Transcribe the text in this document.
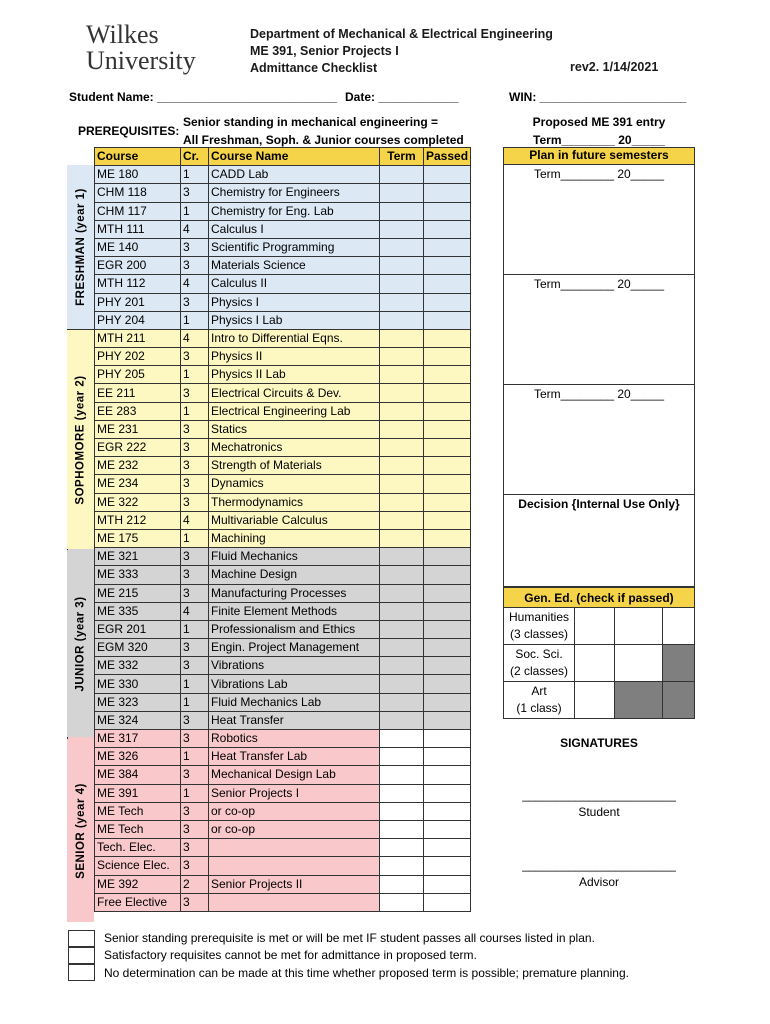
Wilkes
University
Department of Mechanical & Electrical Engineering
ME 391, Senior Projects I
Admittance Checklist	rev2. 1/14/2021
Student Name: ___________________________ Date: ____________	WIN: ______________________
PREREQUISITES:
Senior standing in mechanical engineering =
All Freshman, Soph. & Junior courses completed
	Course	Cr.	Course Name	Term	Passed
	ME 180	1	CADD Lab		
	CHM 118	3	Chemistry for Engineers		
	CHM 117	1	Chemistry for Eng. Lab		
	MTH 111	4	Calculus I		
	ME 140	3	Scientific Programming		
	EGR 200	3	Materials Science		
	MTH 112	4	Calculus II		
	PHY 201	3	Physics I		
	PHY 204	1	Physics I Lab		
	MTH 211	4	Intro to Differential Eqns.		
	PHY 202	3	Physics II		
	PHY 205	1	Physics II Lab		
	EE 211	3	Electrical Circuits & Dev.		
	EE 283	1	Electrical Engineering Lab		
	ME 231	3	Statics		
	EGR 222	3	Mechatronics		
	ME 232	3	Strength of Materials		
	ME 234	3	Dynamics		
	ME 322	3	Thermodynamics		
	MTH 212	4	Multivariable Calculus		
	ME 175	1	Machining		
	ME 321	3	Fluid Mechanics		
	ME 333	3	Machine Design		
	ME 215	3	Manufacturing Processes		
	ME 335	4	Finite Element Methods		
	EGR 201	1	Professionalism and Ethics		
	EGM 320	3	Engin. Project Management		
	ME 332	3	Vibrations		
	ME 330	1	Vibrations Lab		
	ME 323	1	Fluid Mechanics Lab		
	ME 324	3	Heat Transfer		
	ME 317	3	Robotics		
	ME 326	1	Heat Transfer Lab		
	ME 384	3	Mechanical Design Lab		
	ME 391	1	Senior Projects I		
	ME Tech	3	or co-op		
	ME Tech	3	or co-op		
	Tech. Elec.	3			
	Science Elec.	3			
	ME 392	2	Senior Projects II		
	Free Elective	3			
FRESHMAN (year 1)
SOPHOMORE (year 2)
JUNIOR (year 3)
SENIOR (year 4)
Proposed ME 391 entry
Term________ 20_____
Plan in future semesters
Term________ 20_____
Term________ 20_____
Term________ 20_____
Decision {Internal Use Only}
Gen. Ed. (check if passed)			

Humanities
(3 classes)			

Soc. Sci.
(2 classes)			

Art
(1 class)			

SIGNATURES
_______________________
Student
_______________________
Advisor
Senior standing prerequisite is met or will be met IF student passes all courses listed in plan.
Satisfactory requisites cannot be met for admittance in proposed term.
No determination can be made at this time whether proposed term is possible; premature planning.
